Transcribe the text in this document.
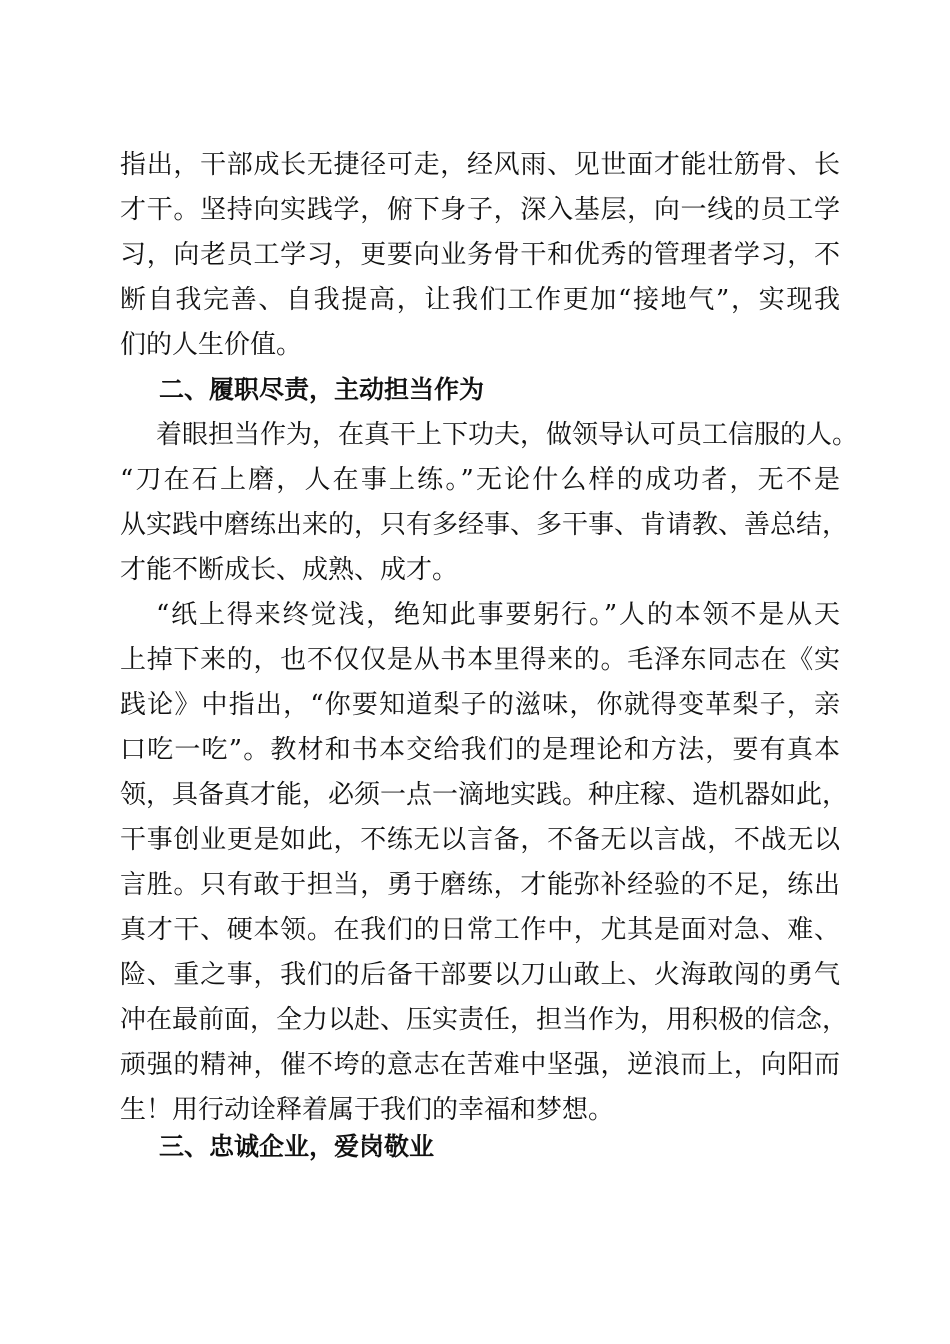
指出，干部成长无捷径可走，经风雨、见世面才能壮筋骨、长
才干。坚持向实践学，俯下身子，深入基层，向一线的员工学
习，向老员工学习，更要向业务骨干和优秀的管理者学习，不
断自我完善、自我提高，让我们工作更加“接地气”，实现我
们的人生价值。
二、履职尽责，主动担当作为
着眼担当作为，在真干上下功夫，做领导认可员工信服的人。
“刀在石上磨，人在事上练。”无论什么样的成功者，无不是
从实践中磨练出来的，只有多经事、多干事、肯请教、善总结，
才能不断成长、成熟、成才。
“纸上得来终觉浅，绝知此事要躬行。”人的本领不是从天
上掉下来的，也不仅仅是从书本里得来的。毛泽东同志在《实
践论》中指出，“你要知道梨子的滋味，你就得变革梨子，亲
口吃一吃”。教材和书本交给我们的是理论和方法，要有真本
领，具备真才能，必须一点一滴地实践。种庄稼、造机器如此，
干事创业更是如此，不练无以言备，不备无以言战，不战无以
言胜。只有敢于担当，勇于磨练，才能弥补经验的不足，练出
真才干、硬本领。在我们的日常工作中，尤其是面对急、难、
险、重之事，我们的后备干部要以刀山敢上、火海敢闯的勇气
冲在最前面，全力以赴、压实责任，担当作为，用积极的信念，
顽强的精神，催不垮的意志在苦难中坚强，逆浪而上，向阳而
生！用行动诠释着属于我们的幸福和梦想。
三、忠诚企业，爱岗敬业
